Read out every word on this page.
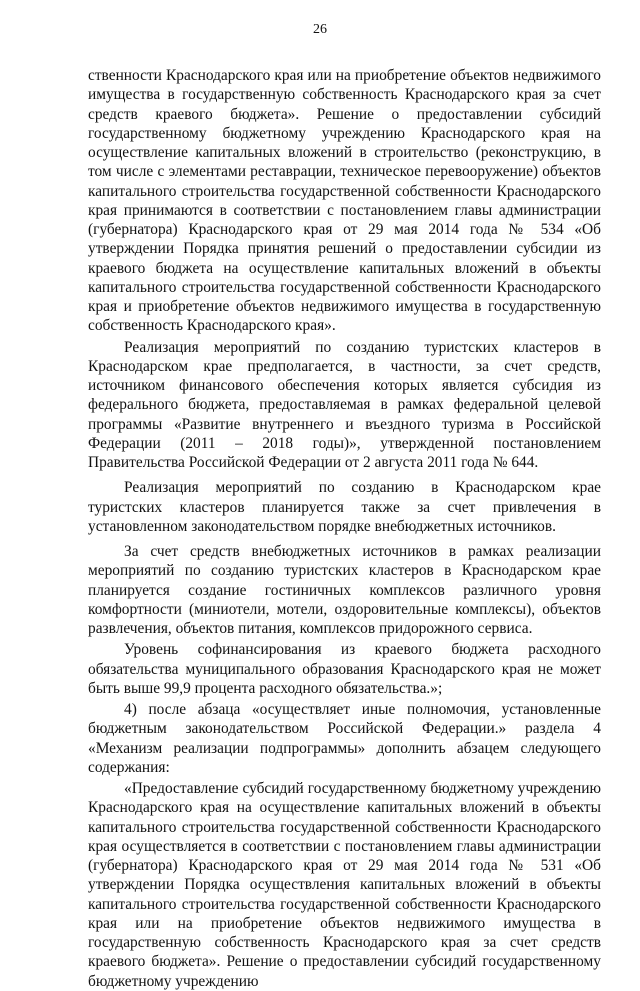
26

ственности Краснодарского края или на приобретение объектов недвижимого имущества в государственную собственность Краснодарского края за счет средств краевого бюджета». Решение о предоставлении субсидий государственному бюджетному учреждению Краснодарского края на осуществление капитальных вложений в строительство (реконструкцию, в том числе с элементами реставрации, техническое перевооружение) объектов капитального строительства государственной собственности Краснодарского края принимаются в соответствии с постановлением главы администрации (губернатора) Краснодарского края от 29 мая 2014 года № 534 «Об утверждении Порядка принятия решений о предоставлении субсидии из краевого бюджета на осуществление капитальных вложений в объекты капитального строительства государственной собственности Краснодарского края и приобретение объектов недвижимого имущества в государственную собственность Краснодарского края».

Реализация мероприятий по созданию туристских кластеров в Краснодарском крае предполагается, в частности, за счет средств, источником финансового обеспечения которых является субсидия из федерального бюджета, предоставляемая в рамках федеральной целевой программы «Развитие внутреннего и въездного туризма в Российской Федерации (2011 – 2018 годы)», утвержденной постановлением Правительства Российской Федерации от 2 августа 2011 года № 644.

Реализация мероприятий по созданию в Краснодарском крае туристских кластеров планируется также за счет привлечения в установленном законодательством порядке внебюджетных источников.

За счет средств внебюджетных источников в рамках реализации мероприятий по созданию туристских кластеров в Краснодарском крае планируется создание гостиничных комплексов различного уровня комфортности (миниотели, мотели, оздоровительные комплексы), объектов развлечения, объектов питания, комплексов придорожного сервиса.

Уровень софинансирования из краевого бюджета расходного обязательства муниципального образования Краснодарского края не может быть выше 99,9 процента расходного обязательства.»;

4) после абзаца «осуществляет иные полномочия, установленные бюджетным законодательством Российской Федерации.» раздела 4 «Механизм реализации подпрограммы» дополнить абзацем следующего содержания:

«Предоставление субсидий государственному бюджетному учреждению Краснодарского края на осуществление капитальных вложений в объекты капитального строительства государственной собственности Краснодарского края осуществляется в соответствии с постановлением главы администрации (губернатора) Краснодарского края от 29 мая 2014 года № 531 «Об утверждении Порядка осуществления капитальных вложений в объекты капитального строительства государственной собственности Краснодарского края или на приобретение объектов недвижимого имущества в государственную собственность Краснодарского края за счет средств краевого бюджета». Решение о предоставлении субсидий государственному бюджетному учреждению
